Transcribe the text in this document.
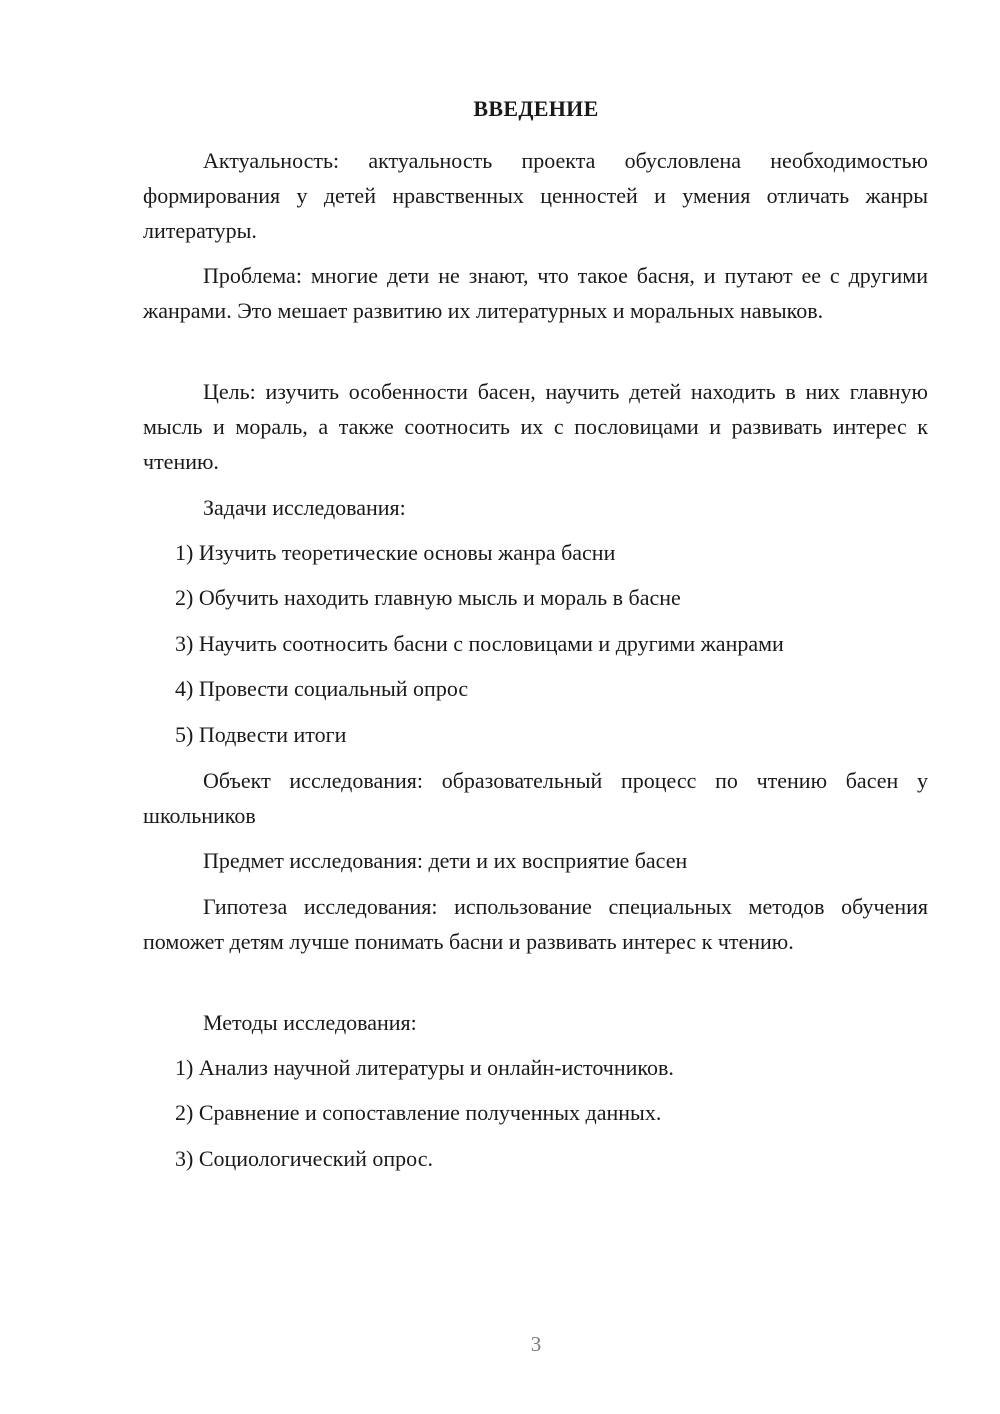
ВВЕДЕНИЕ

Актуальность: актуальность проекта обусловлена необходимостью формирования у детей нравственных ценностей и умения отличать жанры литературы.

Проблема: многие дети не знают, что такое басня, и путают ее с другими жанрами. Это мешает развитию их литературных и моральных навыков.

Цель: изучить особенности басен, научить детей находить в них главную мысль и мораль, а также соотносить их с пословицами и развивать интерес к чтению.

Задачи исследования:

1) Изучить теоретические основы жанра басни

2) Обучить находить главную мысль и мораль в басне

3) Научить соотносить басни с пословицами и другими жанрами

4) Провести социальный опрос

5) Подвести итоги

Объект исследования: образовательный процесс по чтению басен у школьников

Предмет исследования: дети и их восприятие басен

Гипотеза исследования: использование специальных методов обучения поможет детям лучше понимать басни и развивать интерес к чтению.

Методы исследования:

1) Анализ научной литературы и онлайн-источников.

2) Сравнение и сопоставление полученных данных.

3) Социологический опрос.

3
